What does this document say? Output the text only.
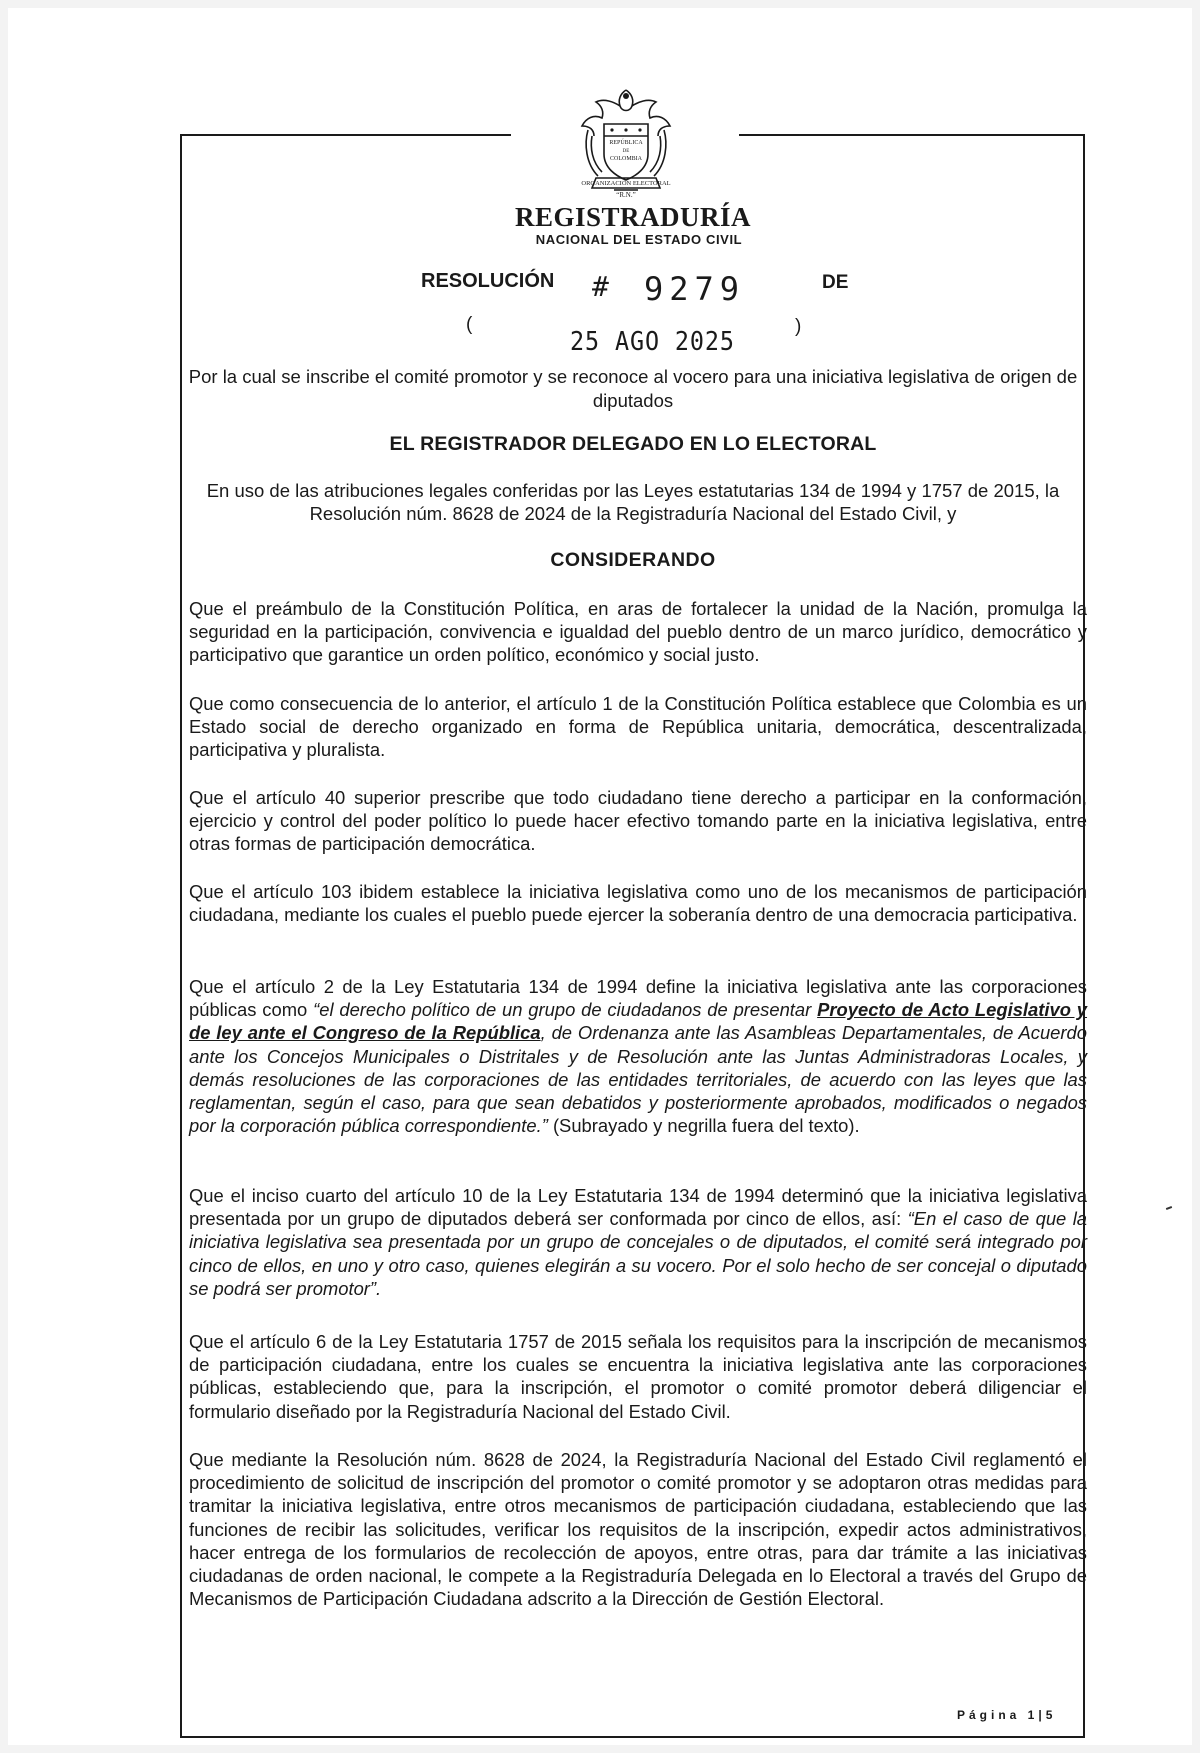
REPÚBLICA
DE
COLOMBIA
ORGANIZACIÓN ELECTORAL
“R.N.”
REGISTRADURÍA
NACIONAL DEL ESTADO CIVIL
RESOLUCIÓN # 9279	DE
(
25 AGO 2025
)
Por la cual se inscribe el comité promotor y se reconoce al vocero para una iniciativa legislativa de origen de diputados
EL REGISTRADOR DELEGADO EN LO ELECTORAL
En uso de las atribuciones legales conferidas por las Leyes estatutarias 134 de 1994 y 1757 de 2015, la Resolución núm. 8628 de 2024 de la Registraduría Nacional del Estado Civil, y
CONSIDERANDO
Que el preámbulo de la Constitución Política, en aras de fortalecer la unidad de la Nación, promulga la seguridad en la participación, convivencia e igualdad del pueblo dentro de un marco jurídico, democrático y participativo que garantice un orden político, económico y social justo.
Que como consecuencia de lo anterior, el artículo 1 de la Constitución Política establece que Colombia es un Estado social de derecho organizado en forma de República unitaria, democrática, descentralizada, participativa y pluralista.
Que el artículo 40 superior prescribe que todo ciudadano tiene derecho a participar en la conformación, ejercicio y control del poder político lo puede hacer efectivo tomando parte en la iniciativa legislativa, entre otras formas de participación democrática.
Que el artículo 103 ibidem establece la iniciativa legislativa como uno de los mecanismos de participación ciudadana, mediante los cuales el pueblo puede ejercer la soberanía dentro de una democracia participativa.
Que el artículo 2 de la Ley Estatutaria 134 de 1994 define la iniciativa legislativa ante las corporaciones públicas como “el derecho político de un grupo de ciudadanos de presentar Proyecto de Acto Legislativo y de ley ante el Congreso de la República, de Ordenanza ante las Asambleas Departamentales, de Acuerdo ante los Concejos Municipales o Distritales y de Resolución ante las Juntas Administradoras Locales, y demás resoluciones de las corporaciones de las entidades territoriales, de acuerdo con las leyes que las reglamentan, según el caso, para que sean debatidos y posteriormente aprobados, modificados o negados por la corporación pública correspondiente.” (Subrayado y negrilla fuera del texto).
Que el inciso cuarto del artículo 10 de la Ley Estatutaria 134 de 1994 determinó que la iniciativa legislativa presentada por un grupo de diputados deberá ser conformada por cinco de ellos, así: “En el caso de que la iniciativa legislativa sea presentada por un grupo de concejales o de diputados, el comité será integrado por cinco de ellos, en uno y otro caso, quienes elegirán a su vocero. Por el solo hecho de ser concejal o diputado se podrá ser promotor”.
Que el artículo 6 de la Ley Estatutaria 1757 de 2015 señala los requisitos para la inscripción de mecanismos de participación ciudadana, entre los cuales se encuentra la iniciativa legislativa ante las corporaciones públicas, estableciendo que, para la inscripción, el promotor o comité promotor deberá diligenciar el formulario diseñado por la Registraduría Nacional del Estado Civil.
Que mediante la Resolución núm. 8628 de 2024, la Registraduría Nacional del Estado Civil reglamentó el procedimiento de solicitud de inscripción del promotor o comité promotor y se adoptaron otras medidas para tramitar la iniciativa legislativa, entre otros mecanismos de participación ciudadana, estableciendo que las funciones de recibir las solicitudes, verificar los requisitos de la inscripción, expedir actos administrativos, hacer entrega de los formularios de recolección de apoyos, entre otras, para dar trámite a las iniciativas ciudadanas de orden nacional, le compete a la Registraduría Delegada en lo Electoral a través del Grupo de Mecanismos de Participación Ciudadana adscrito a la Dirección de Gestión Electoral.
Página 1|5
